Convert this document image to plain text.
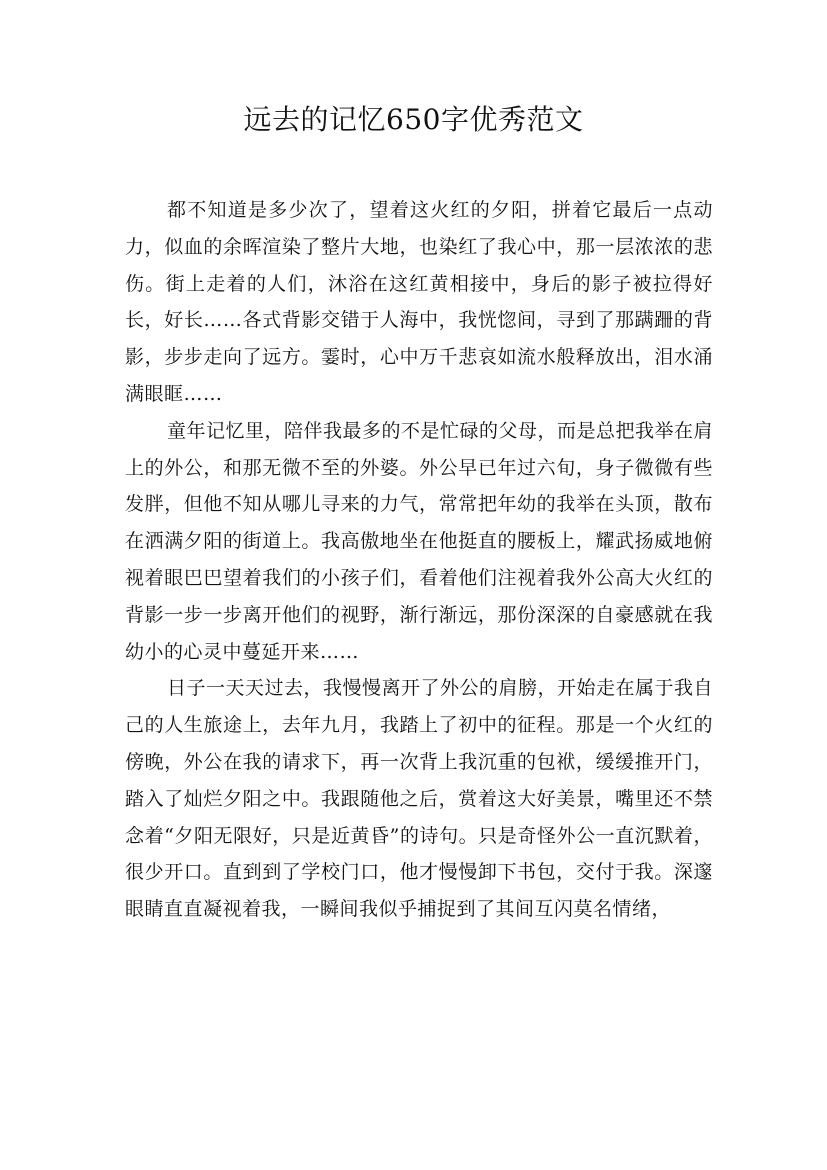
远去的记忆650字优秀范文

都不知道是多少次了，望着这火红的夕阳，拼着它最后一点动力，似血的余晖渲染了整片大地，也染红了我心中，那一层浓浓的悲伤。街上走着的人们，沐浴在这红黄相接中，身后的影子被拉得好长，好长……各式背影交错于人海中，我恍惚间，寻到了那蹒跚的背影，步步走向了远方。霎时，心中万千悲哀如流水般释放出，泪水涌满眼眶……

童年记忆里，陪伴我最多的不是忙碌的父母，而是总把我举在肩上的外公，和那无微不至的外婆。外公早已年过六旬，身子微微有些发胖，但他不知从哪儿寻来的力气，常常把年幼的我举在头顶，散布在洒满夕阳的街道上。我高傲地坐在他挺直的腰板上，耀武扬威地俯视着眼巴巴望着我们的小孩子们，看着他们注视着我外公高大火红的背影一步一步离开他们的视野，渐行渐远，那份深深的自豪感就在我幼小的心灵中蔓延开来……

日子一天天过去，我慢慢离开了外公的肩膀，开始走在属于我自己的人生旅途上，去年九月，我踏上了初中的征程。那是一个火红的傍晚，外公在我的请求下，再一次背上我沉重的包袱，缓缓推开门，踏入了灿烂夕阳之中。我跟随他之后，赏着这大好美景，嘴里还不禁念着“夕阳无限好，只是近黄昏”的诗句。只是奇怪外公一直沉默着，很少开口。直到到了学校门口，他才慢慢卸下书包，交付于我。深邃眼睛直直凝视着我，一瞬间我似乎捕捉到了其间互闪莫名情绪，
